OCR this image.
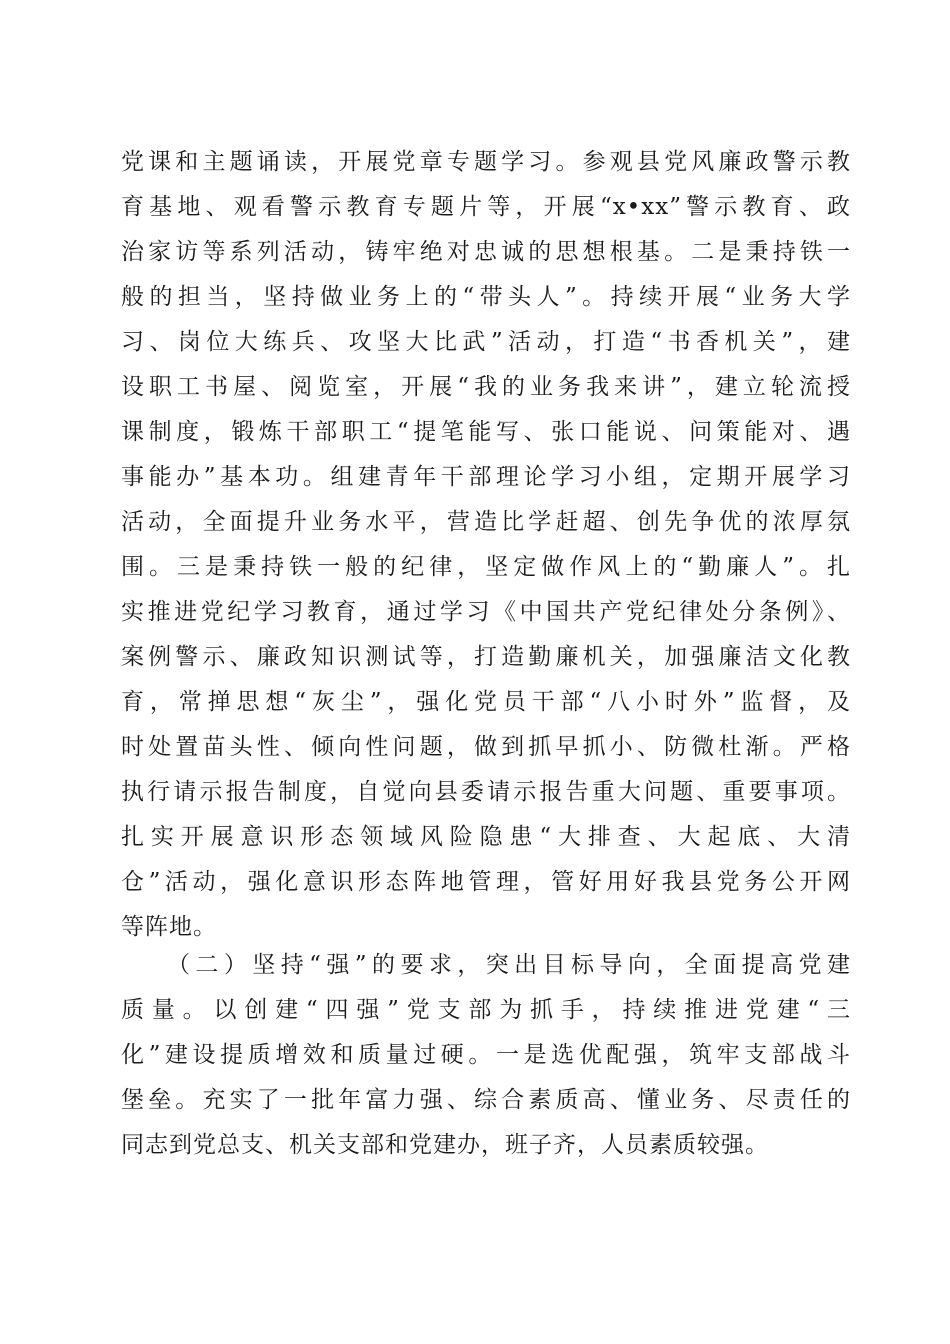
党课和主题诵读，开展党章专题学习。参观县党风廉政警示教
育基地、观看警示教育专题片等，开展“x•xx”警示教育、政
治家访等系列活动，铸牢绝对忠诚的思想根基。二是秉持铁一
般的担当，坚持做业务上的“带头人”。持续开展“业务大学
习、岗位大练兵、攻坚大比武”活动，打造“书香机关”，建
设职工书屋、阅览室，开展“我的业务我来讲”，建立轮流授
课制度，锻炼干部职工“提笔能写、张口能说、问策能对、遇
事能办”基本功。组建青年干部理论学习小组，定期开展学习
活动，全面提升业务水平，营造比学赶超、创先争优的浓厚氛
围。三是秉持铁一般的纪律，坚定做作风上的“勤廉人”。扎
实推进党纪学习教育，通过学习《中国共产党纪律处分条例》、
案例警示、廉政知识测试等，打造勤廉机关，加强廉洁文化教
育，常掸思想“灰尘”，强化党员干部“八小时外”监督，及
时处置苗头性、倾向性问题，做到抓早抓小、防微杜渐。严格
执行请示报告制度，自觉向县委请示报告重大问题、重要事项。
扎实开展意识形态领域风险隐患“大排查、大起底、大清
仓”活动，强化意识形态阵地管理，管好用好我县党务公开网
等阵地。
（二）坚持“强”的要求，突出目标导向，全面提高党建
质量。以创建“四强”党支部为抓手，持续推进党建“三
化”建设提质增效和质量过硬。一是选优配强，筑牢支部战斗
堡垒。充实了一批年富力强、综合素质高、懂业务、尽责任的
同志到党总支、机关支部和党建办，班子齐，人员素质较强。
